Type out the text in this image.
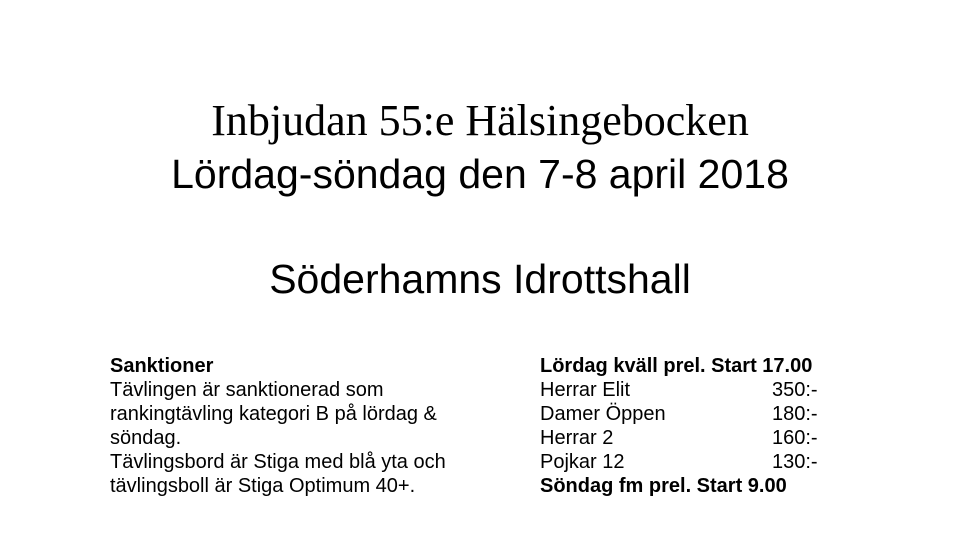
Inbjudan 55:e Hälsingebocken
Lördag-söndag den 7-8 april 2018
Söderhamns Idrottshall
Sanktioner
Tävlingen är sanktionerad som
rankingtävling kategori B på lördag &
söndag.
Tävlingsbord är Stiga med blå yta och
tävlingsboll är Stiga Optimum 40+.
Lördag kväll prel. Start 17.00
Herrar Elit	350:-
Damer Öppen	180:-
Herrar 2	160:-
Pojkar 12	130:-
Söndag fm prel. Start 9.00
